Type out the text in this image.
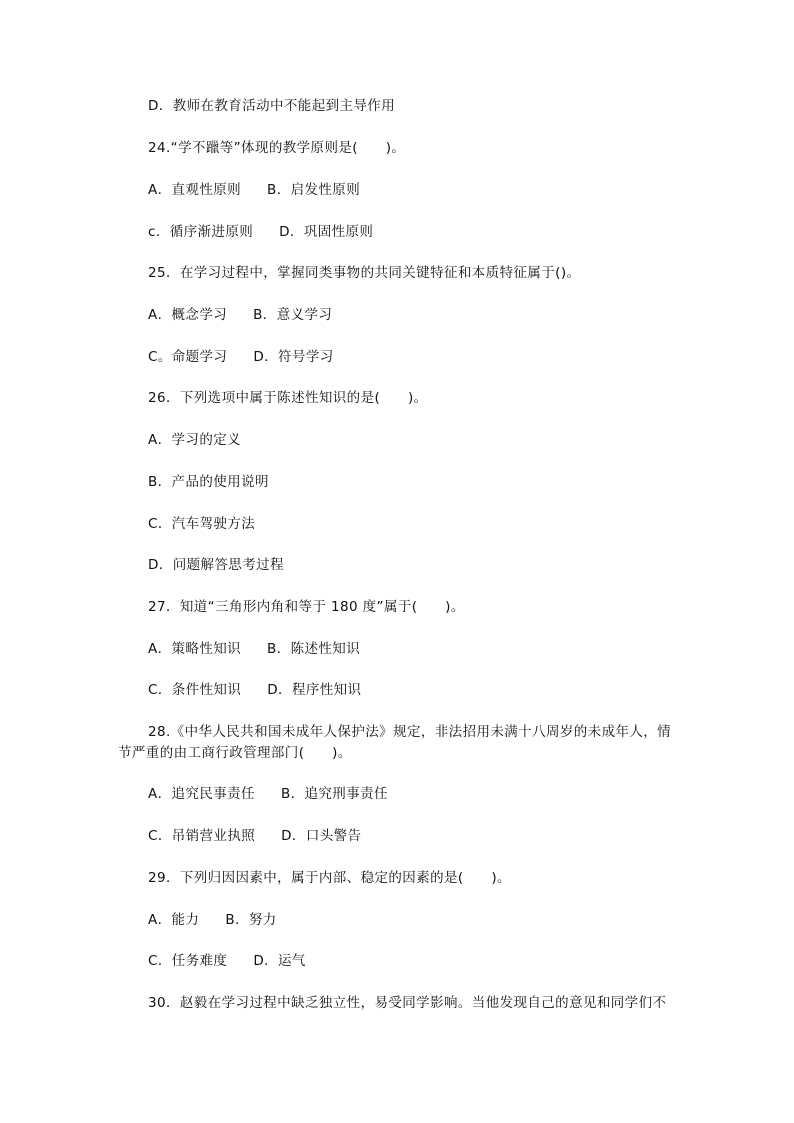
D．教师在教育活动中不能起到主导作用
24.“学不躐等”体现的教学原则是(　　)。
A．直观性原则 B．启发性原则
c．循序渐进原则 D．巩固性原则
25．在学习过程中，掌握同类事物的共同关键特征和本质特征属于()。
A．概念学习 B．意义学习
C。命题学习 D．符号学习
26．下列选项中属于陈述性知识的是(　　)。
A．学习的定义
B．产品的使用说明
C．汽车驾驶方法
D．问题解答思考过程
27．知道“三角形内角和等于 180 度”属于(　　)。
A．策略性知识 B．陈述性知识
C．条件性知识 D．程序性知识
28.《中华人民共和国未成年人保护法》规定，非法招用未满十八周岁的未成年人，情节严重的由工商行政管理部门(　　)。
A．追究民事责任 B．追究刑事责任
C．吊销营业执照 D．口头警告
29．下列归因因素中，属于内部、稳定的因素的是(　　)。
A．能力 B．努力
C．任务难度 D．运气
30．赵毅在学习过程中缺乏独立性，易受同学影响。当他发现自己的意见和同学们不
